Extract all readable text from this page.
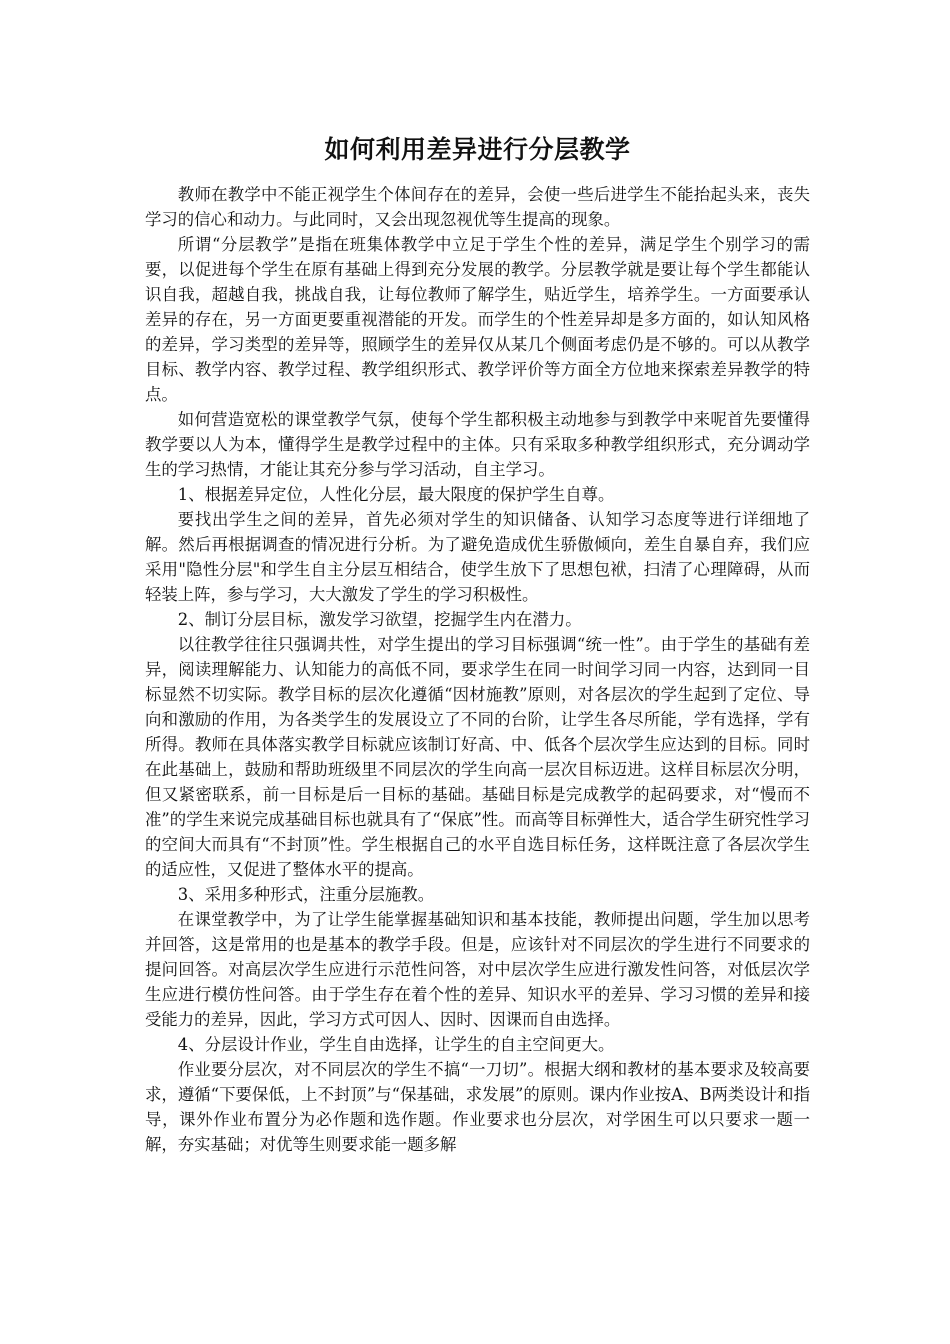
如何利用差异进行分层教学

教师在教学中不能正视学生个体间存在的差异，会使一些后进学生不能抬起头来，丧失学习的信心和动力。与此同时，又会出现忽视优等生提高的现象。

所谓“分层教学”是指在班集体教学中立足于学生个性的差异，满足学生个别学习的需要，以促进每个学生在原有基础上得到充分发展的教学。分层教学就是要让每个学生都能认识自我，超越自我，挑战自我，让每位教师了解学生，贴近学生，培养学生。一方面要承认差异的存在，另一方面更要重视潜能的开发。而学生的个性差异却是多方面的，如认知风格的差异，学习类型的差异等，照顾学生的差异仅从某几个侧面考虑仍是不够的。可以从教学目标、教学内容、教学过程、教学组织形式、教学评价等方面全方位地来探索差异教学的特点。

如何营造宽松的课堂教学气氛，使每个学生都积极主动地参与到教学中来呢首先要懂得教学要以人为本，懂得学生是教学过程中的主体。只有采取多种教学组织形式，充分调动学生的学习热情，才能让其充分参与学习活动，自主学习。

1、根据差异定位，人性化分层，最大限度的保护学生自尊。

要找出学生之间的差异，首先必须对学生的知识储备、认知学习态度等进行详细地了解。然后再根据调查的情况进行分析。为了避免造成优生骄傲倾向，差生自暴自弃，我们应采用"隐性分层"和学生自主分层互相结合，使学生放下了思想包袱，扫清了心理障碍，从而轻装上阵，参与学习，大大激发了学生的学习积极性。

2、制订分层目标，激发学习欲望，挖掘学生内在潜力。

以往教学往往只强调共性，对学生提出的学习目标强调“统一性”。由于学生的基础有差异，阅读理解能力、认知能力的高低不同，要求学生在同一时间学习同一内容，达到同一目标显然不切实际。教学目标的层次化遵循“因材施教”原则，对各层次的学生起到了定位、导向和激励的作用，为各类学生的发展设立了不同的台阶，让学生各尽所能，学有选择，学有所得。教师在具体落实教学目标就应该制订好高、中、低各个层次学生应达到的目标。同时在此基础上，鼓励和帮助班级里不同层次的学生向高一层次目标迈进。这样目标层次分明，但又紧密联系，前一目标是后一目标的基础。基础目标是完成教学的起码要求，对“慢而不准”的学生来说完成基础目标也就具有了“保底”性。而高等目标弹性大，适合学生研究性学习的空间大而具有“不封顶”性。学生根据自己的水平自选目标任务，这样既注意了各层次学生的适应性，又促进了整体水平的提高。

3、采用多种形式，注重分层施教。

在课堂教学中，为了让学生能掌握基础知识和基本技能，教师提出问题，学生加以思考并回答，这是常用的也是基本的教学手段。但是，应该针对不同层次的学生进行不同要求的提问回答。对高层次学生应进行示范性问答，对中层次学生应进行激发性问答，对低层次学生应进行模仿性问答。由于学生存在着个性的差异、知识水平的差异、学习习惯的差异和接受能力的差异，因此，学习方式可因人、因时、因课而自由选择。

4、分层设计作业，学生自由选择，让学生的自主空间更大。

作业要分层次，对不同层次的学生不搞“一刀切”。根据大纲和教材的基本要求及较高要求，遵循“下要保低，上不封顶”与“保基础，求发展”的原则。课内作业按A、B两类设计和指导，课外作业布置分为必作题和选作题。作业要求也分层次，对学困生可以只要求一题一解，夯实基础；对优等生则要求能一题多解
